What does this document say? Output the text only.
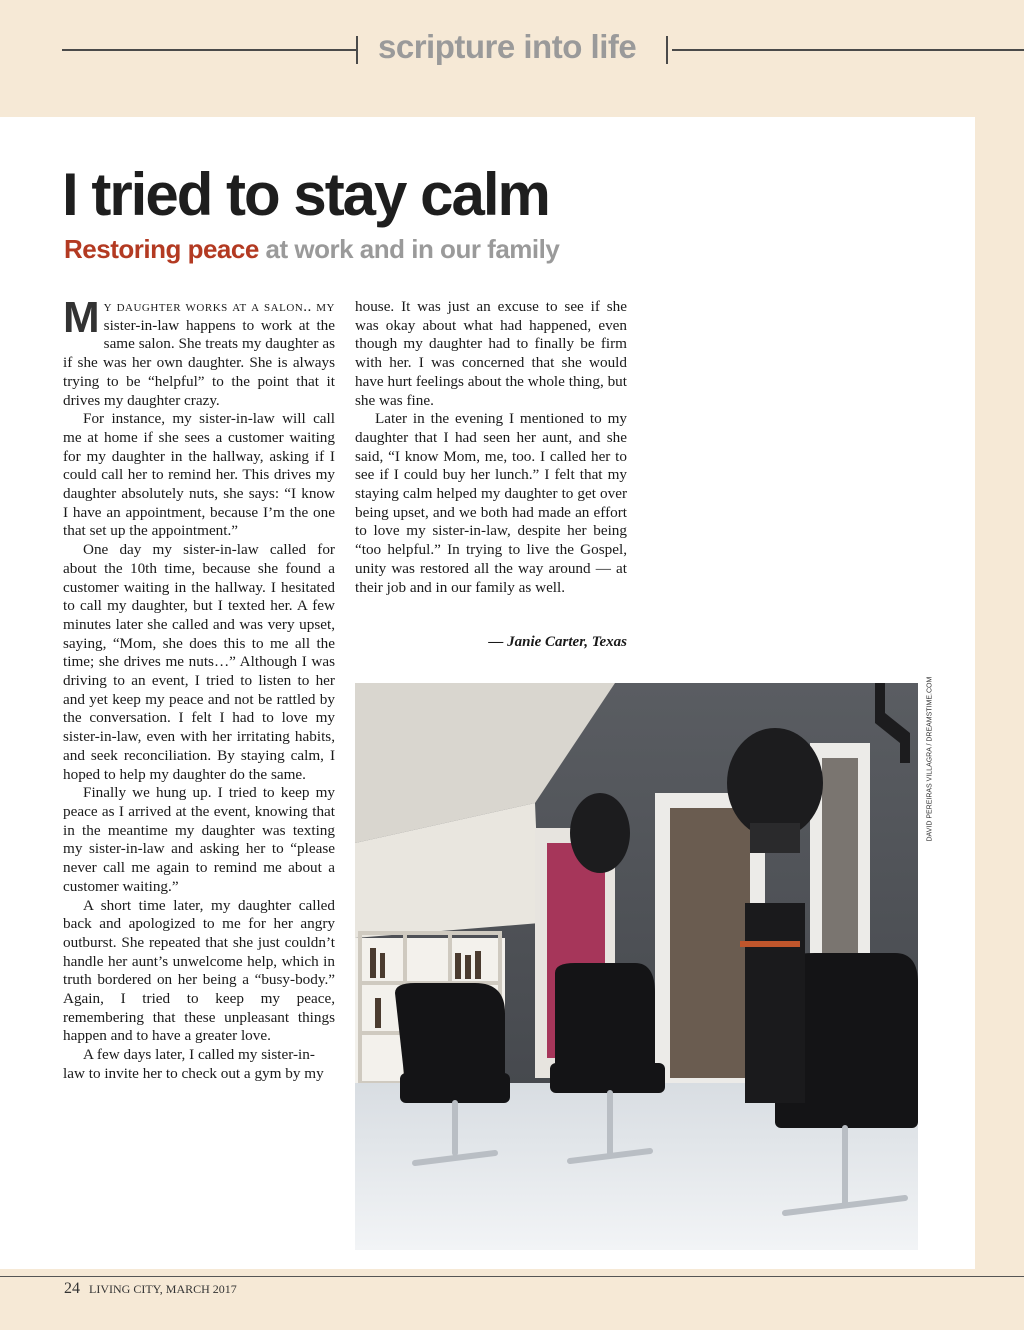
scripture into life
I tried to stay calm
Restoring peace at work and in our family

My daughter works at a salon.. my sister-in-law happens to work at the same salon. She treats my daughter as if she was her own daughter. She is always trying to be “helpful” to the point that it drives my daughter crazy.

For instance, my sister-in-law will call me at home if she sees a customer waiting for my daughter in the hallway, asking if I could call her to remind her. This drives my daughter absolutely nuts, she says: “I know I have an appointment, because I’m the one that set up the appointment.”

One day my sister-in-law called for about the 10th time, because she found a customer waiting in the hallway. I hesitated to call my daughter, but I texted her. A few minutes later she called and was very upset, saying, “Mom, she does this to me all the time; she drives me nuts…” Although I was driving to an event, I tried to listen to her and yet keep my peace and not be rattled by the conversation. I felt I had to love my sister-in-law, even with her irritating habits, and seek reconciliation. By staying calm, I hoped to help my daughter do the same.

Finally we hung up. I tried to keep my peace as I arrived at the event, knowing that in the meantime my daughter was texting my sister-in-law and asking her to “please never call me again to remind me about a customer waiting.”

A short time later, my daughter called back and apologized to me for her angry outburst. She repeated that she just couldn’t handle her aunt’s unwelcome help, which in truth bordered on her being a “busy-body.” Again, I tried to keep my peace, remembering that these unpleasant things happen and to have a greater love.

A few days later, I called my sister-in-law to invite her to check out a gym by my

house. It was just an excuse to see if she was okay about what had happened, even though my daughter had to finally be firm with her. I was concerned that she would have hurt feelings about the whole thing, but she was fine.

Later in the evening I mentioned to my daughter that I had seen her aunt, and she said, “I know Mom, me, too. I called her to see if I could buy her lunch.” I felt that my staying calm helped my daughter to get over being upset, and we both had made an effort to love my sister-in-law, despite her being “too helpful.” In trying to live the Gospel, unity was restored all the way around — at their job and in our family as well.

— Janie Carter, Texas
DAVID PEREIRAS VILLAGRA / DREAMSTIME.COM
24 LIVING CITY, MARCH 2017
